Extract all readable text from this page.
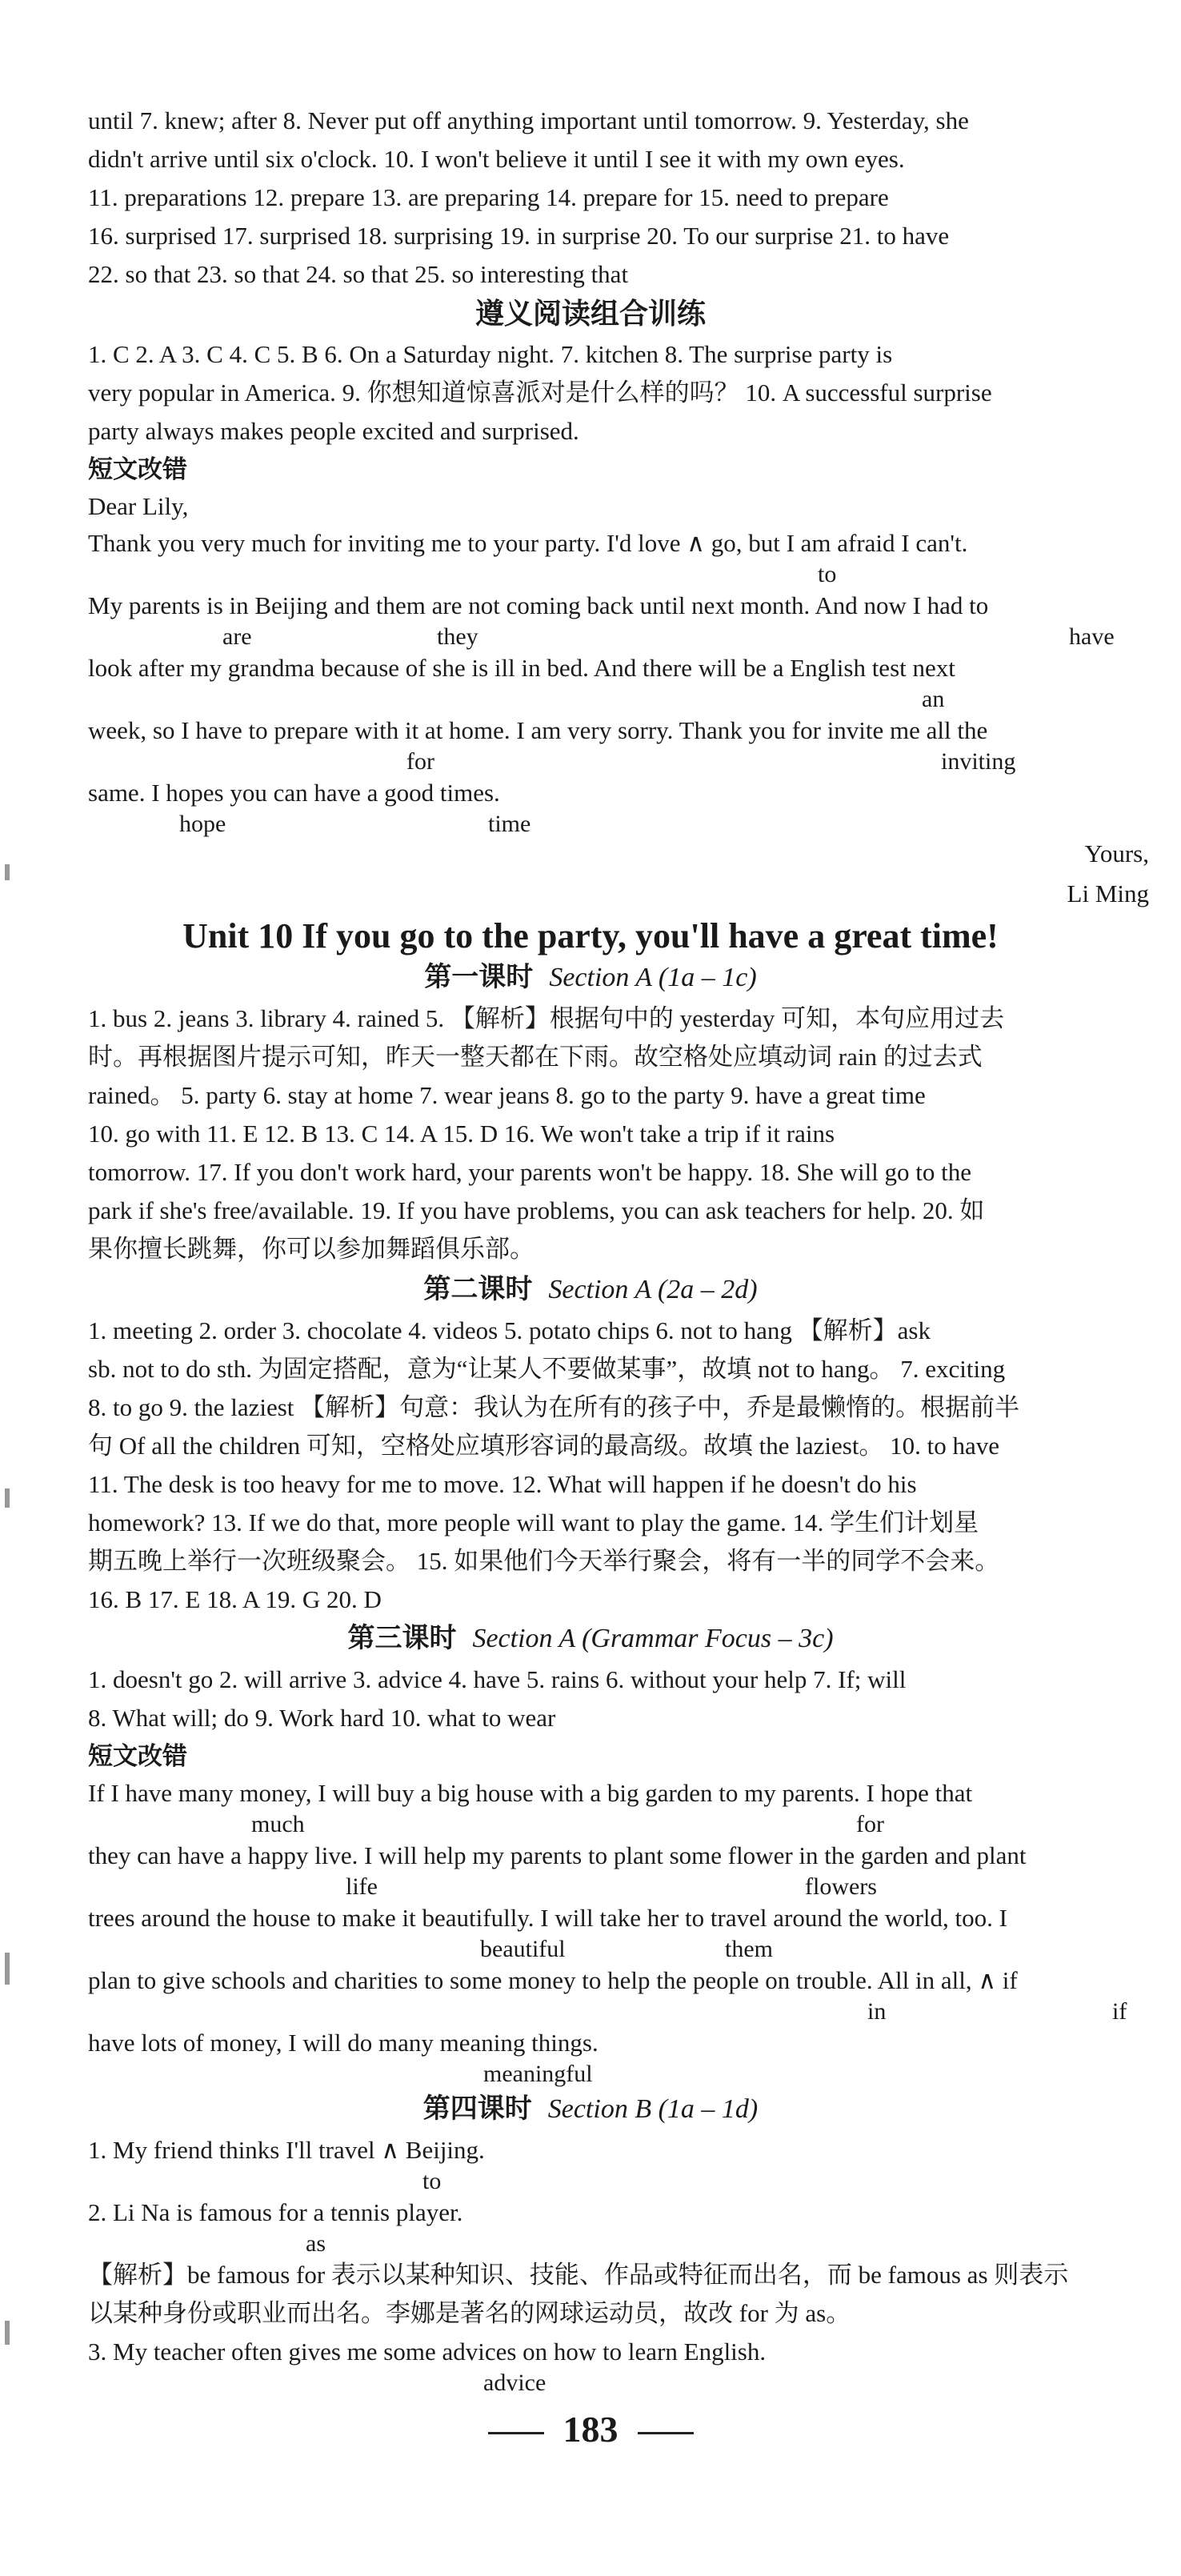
until 7. knew; after 8. Never put off anything important until tomorrow. 9. Yesterday, she
didn't arrive until six o'clock. 10. I won't believe it until I see it with my own eyes.
11. preparations 12. prepare 13. are preparing 14. prepare for 15. need to prepare
16. surprised 17. surprised 18. surprising 19. in surprise 20. To our surprise 21. to have
22. so that 23. so that 24. so that 25. so interesting that
遵义阅读组合训练
1. C 2. A 3. C 4. C 5. B 6. On a Saturday night. 7. kitchen 8. The surprise party is
very popular in America. 9. 你想知道惊喜派对是什么样的吗？ 10. A successful surprise
party always makes people excited and surprised.
短文改错
Dear Lily,
Thank you very much for inviting me to your party. I'd love ∧ go, but I am afraid I can't.
to
My parents is in Beijing and them are not coming back until next month. And now I had to
are	they	have
look after my grandma because of she is ill in bed. And there will be a English test next
an
week, so I have to prepare with it at home. I am very sorry. Thank you for invite me all the
for	inviting
same. I hopes you can have a good times.
hope	time
Yours,
Li Ming
Unit 10 If you go to the party, you'll have a great time!
第一课时 Section A (1a – 1c)
1. bus 2. jeans 3. library 4. rained 5. 【解析】根据句中的 yesterday 可知，本句应用过去
时。再根据图片提示可知，昨天一整天都在下雨。故空格处应填动词 rain 的过去式
rained。 5. party 6. stay at home 7. wear jeans 8. go to the party 9. have a great time
10. go with 11. E 12. B 13. C 14. A 15. D 16. We won't take a trip if it rains
tomorrow. 17. If you don't work hard, your parents won't be happy. 18. She will go to the
park if she's free/available. 19. If you have problems, you can ask teachers for help. 20. 如
果你擅长跳舞，你可以参加舞蹈俱乐部。
第二课时 Section A (2a – 2d)
1. meeting 2. order 3. chocolate 4. videos 5. potato chips 6. not to hang 【解析】ask
sb. not to do sth. 为固定搭配，意为“让某人不要做某事”，故填 not to hang。 7. exciting
8. to go 9. the laziest 【解析】句意：我认为在所有的孩子中，乔是最懒惰的。根据前半
句 Of all the children 可知，空格处应填形容词的最高级。故填 the laziest。 10. to have
11. The desk is too heavy for me to move. 12. What will happen if he doesn't do his
homework? 13. If we do that, more people will want to play the game. 14. 学生们计划星
期五晚上举行一次班级聚会。 15. 如果他们今天举行聚会，将有一半的同学不会来。
16. B 17. E 18. A 19. G 20. D
第三课时 Section A (Grammar Focus – 3c)
1. doesn't go 2. will arrive 3. advice 4. have 5. rains 6. without your help 7. If; will
8. What will; do 9. Work hard 10. what to wear
短文改错
If I have many money, I will buy a big house with a big garden to my parents. I hope that
much	for
they can have a happy live. I will help my parents to plant some flower in the garden and plant
life	flowers
trees around the house to make it beautifully. I will take her to travel around the world, too. I
beautiful	them
plan to give schools and charities to some money to help the people on trouble. All in all, ∧ if
in	if
have lots of money, I will do many meaning things.
meaningful
第四课时 Section B (1a – 1d)
1. My friend thinks I'll travel ∧ Beijing.
to
2. Li Na is famous for a tennis player.
as
【解析】be famous for 表示以某种知识、技能、作品或特征而出名，而 be famous as 则表示
以某种身份或职业而出名。李娜是著名的网球运动员，故改 for 为 as。
3. My teacher often gives me some advices on how to learn English.
advice
183
